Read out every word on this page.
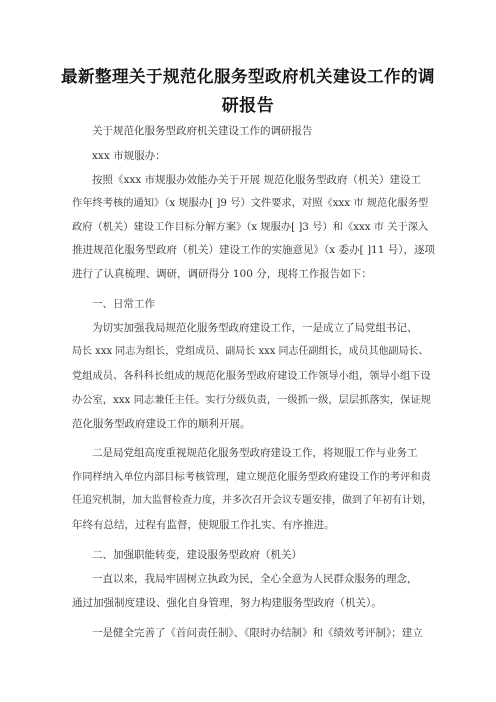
最新整理关于规范化服务型政府机关建设工作的调
研报告
关于规范化服务型政府机关建设工作的调研报告
xxx 市规服办：
按照《xxx 市规服办效能办关于开展 规范化服务型政府（机关）建设工
作年终考核的通知》（x 规服办[ ]9 号）文件要求，对照《xxx 市 规范化服务型
政府（机关）建设工作目标分解方案》（x 规服办[ ]3 号）和《xxx 市 关于深入
推进规范化服务型政府（机关）建设工作的实施意见》（x 委办[ ]11 号），逐项
进行了认真梳理、调研，调研得分 100 分，现将工作报告如下：
一、日常工作
为切实加强我局规范化服务型政府建设工作，一是成立了局党组书记、
局长 xxx 同志为组长，党组成员、副局长 xxx 同志任副组长，成员其他副局长、
党组成员、各科科长组成的规范化服务型政府建设工作领导小组，领导小组下设
办公室，xxx 同志兼任主任。实行分级负责，一级抓一级，层层抓落实，保证规
范化服务型政府建设工作的顺利开展。
二是局党组高度重视规范化服务型政府建设工作，将规服工作与业务工
作同样纳入单位内部目标考核管理，建立规范化服务型政府建设工作的考评和责
任追究机制，加大监督检查力度，并多次召开会议专题安排，做到了年初有计划，
年终有总结，过程有监督，使规服工作扎实、有序推进。
二、加强职能转变，建设服务型政府（机关）
一直以来，我局牢固树立执政为民，全心全意为人民群众服务的理念，
通过加强制度建设、强化自身管理，努力构建服务型政府（机关）。
一是健全完善了《首问责任制》、《限时办结制》和《绩效考评制》；建立
